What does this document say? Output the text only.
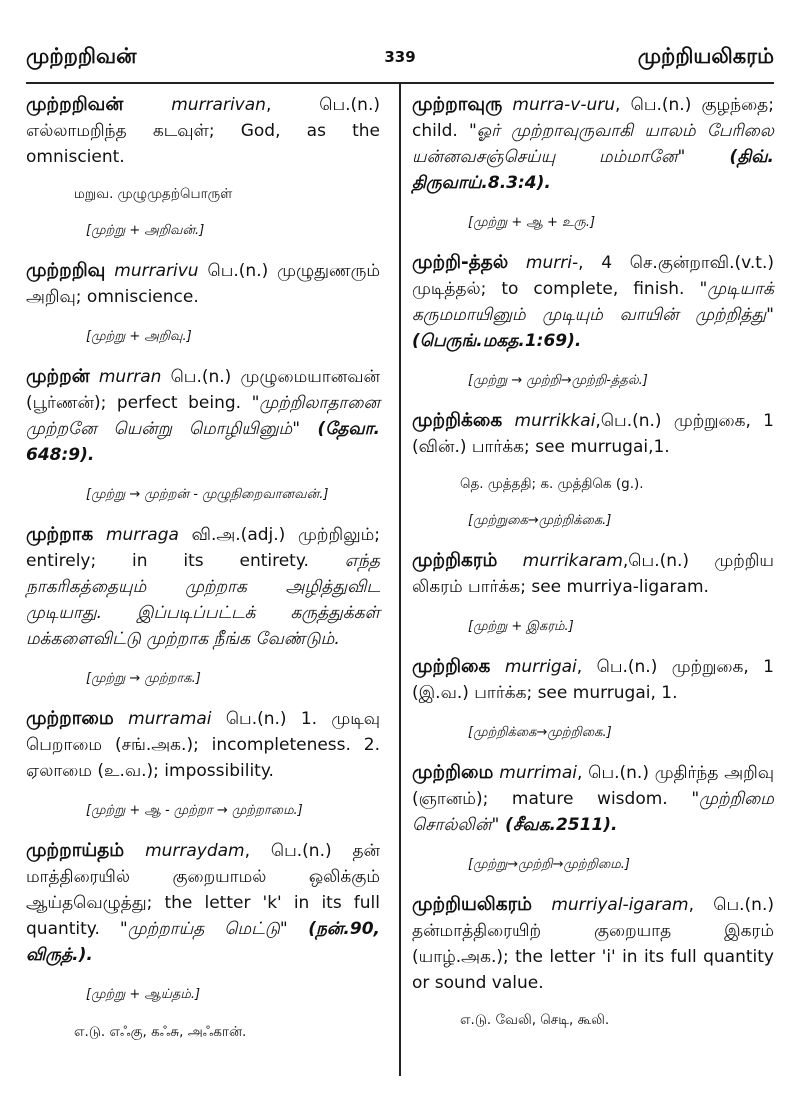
முற்றறிவன்	339	முற்றியலிகரம்

முற்றறிவன்	murrarivan, பெ.(n.) எல்லாமறிந்த கடவுள்; God, as the omniscient.

மறுவ. முழுமுதற்பொருள்
[முற்று + அறிவன்.]

முற்றறிவு murrarivu பெ.(n.) முழுதுணரும் அறிவு; omniscience.

[முற்று + அறிவு.]

முற்றன் murran பெ.(n.) முழுமையானவன் (பூர்ணன்); perfect being. "முற்றிலாதானை முற்றனே யென்று மொழியினும்" (தேவா. 648:9).

[முற்று → முற்றன் - முழுநிறைவானவன்.]

முற்றாக murraga வி.அ.(adj.) முற்றிலும்; entirely; in its entirety. எந்த நாகரிகத்தையும் முற்றாக அழித்துவிட முடியாது. இப்படிப்பட்டக் கருத்துக்கள் மக்களைவிட்டு முற்றாக நீங்க வேண்டும்.

[முற்று → முற்றாக.]

முற்றாமை murramai பெ.(n.) 1. முடிவு பெறாமை (சங்.அக.); incompleteness. 2. ஏலாமை (உ.வ.); impossibility.

[முற்று + ஆ - முற்றா → முற்றாமை.]

முற்றாய்தம் murraydam, பெ.(n.) தன் மாத்திரையில் குறையாமல் ஒலிக்கும் ஆய்தவெழுத்து; the letter 'k' in its full quantity. "முற்றாய்த மெட்டு" (நன்.90, விருத்.).

[முற்று + ஆய்தம்.]
எ.டு. எஃகு, கஃசு, அஃகான்.

முற்றாவுரு murra-v-uru, பெ.(n.) குழந்தை; child. "ஓர் முற்றாவுருவாகி யாலம் பேரிலை யன்னவசஞ்செய்யு மம்மானே" (திவ். திருவாய்.8.3:4).

[முற்று + ஆ + உரு.]

முற்றி-த்தல் murri-, 4 செ.குன்றாவி.(v.t.) முடித்தல்; to complete, finish. "முடியாக் கருமமாயினும் முடியும் வாயின் முற்றித்து" (பெருங்.மகத.1:69).

[முற்று → முற்றி→முற்றி-த்தல்.]

முற்றிக்கை murrikkai,பெ.(n.) முற்றுகை, 1 (வின்.) பார்க்க; see murrugai,1.

தெ. முத்ததி; க. முத்திகெ (g.).
[முற்றுகை→முற்றிக்கை.]

முற்றிகரம் murrikaram,பெ.(n.) முற்றிய லிகரம் பார்க்க; see murriya-ligaram.

[முற்று + இகரம்.]

முற்றிகை murrigai, பெ.(n.) முற்றுகை, 1 (இ.வ.) பார்க்க; see murrugai, 1.

[முற்றிக்கை→முற்றிகை.]

முற்றிமை murrimai, பெ.(n.) முதிர்ந்த அறிவு (ஞானம்); mature wisdom. "முற்றிமை சொல்லின்" (சீவக.2511).

[முற்று→முற்றி→முற்றிமை.]

முற்றியலிகரம் murriyal-igaram, பெ.(n.) தன்மாத்திரையிற் குறையாத இகரம் (யாழ்.அக.); the letter 'i' in its full quantity or sound value.

எ.டு. வேலி, செடி, கூலி.
